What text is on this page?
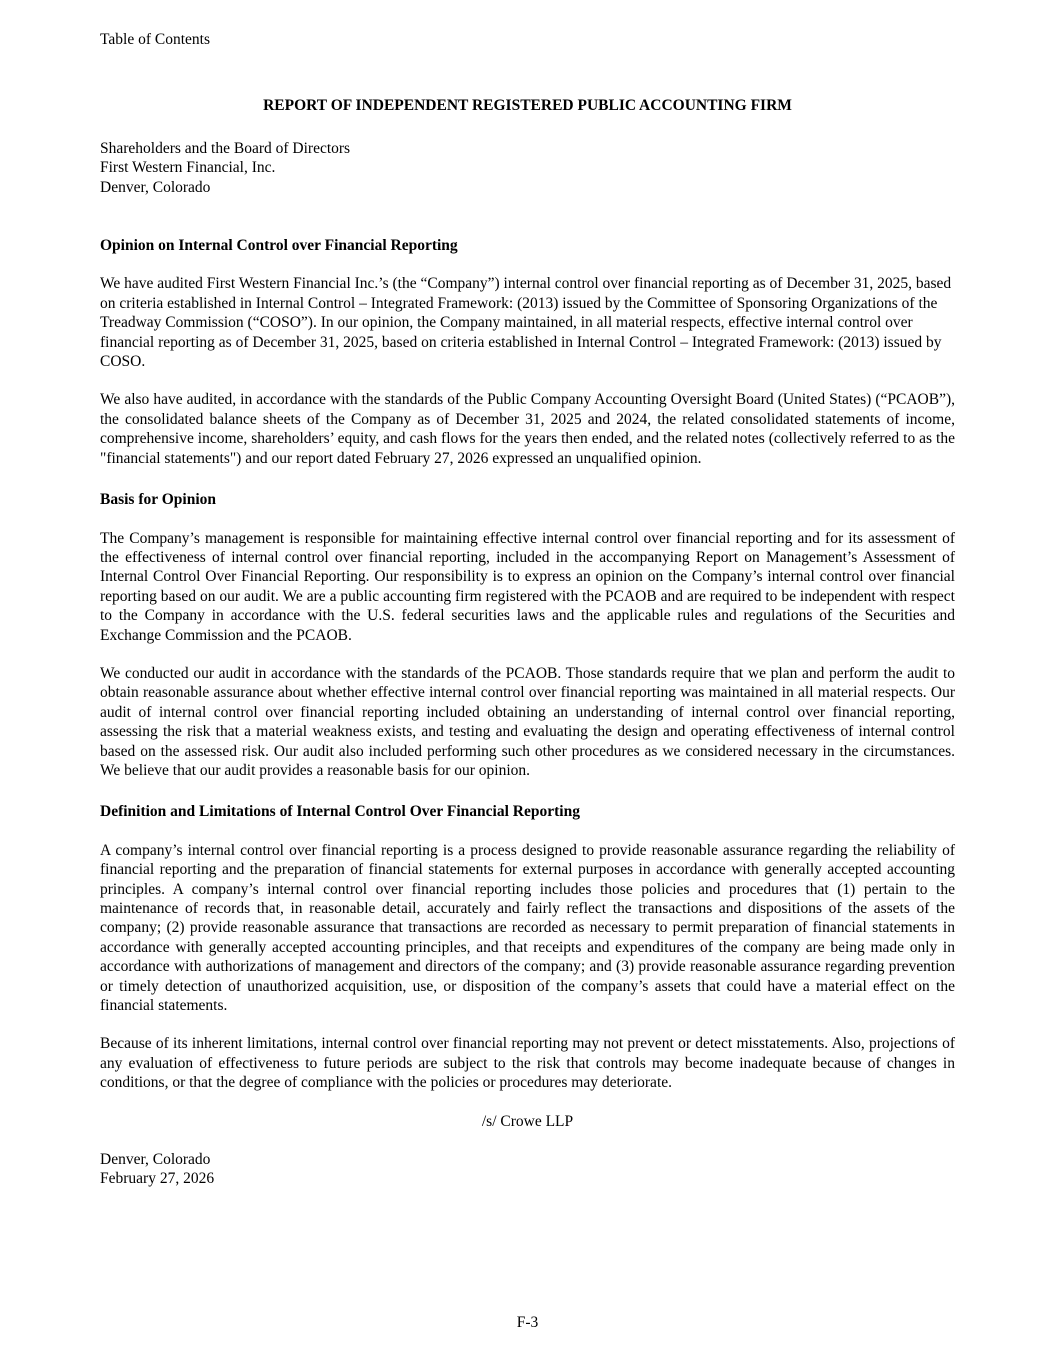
Table of Contents
REPORT OF INDEPENDENT REGISTERED PUBLIC ACCOUNTING FIRM
Shareholders and the Board of Directors
First Western Financial, Inc.
Denver, Colorado
Opinion on Internal Control over Financial Reporting

We have audited First Western Financial Inc.’s (the “Company”) internal control over financial reporting as of December 31, 2025, based on criteria established in Internal Control – Integrated Framework: (2013) issued by the Committee of Sponsoring Organizations of the Treadway Commission (“COSO”). In our opinion, the Company maintained, in all material respects, effective internal control over financial reporting as of December 31, 2025, based on criteria established in Internal Control – Integrated Framework: (2013) issued by COSO.

We also have audited, in accordance with the standards of the Public Company Accounting Oversight Board (United States) (“PCAOB”), the consolidated balance sheets of the Company as of December 31, 2025 and 2024, the related consolidated statements of income, comprehensive income, shareholders’ equity, and cash flows for the years then ended, and the related notes (collectively referred to as the "financial statements") and our report dated February 27, 2026 expressed an unqualified opinion.

Basis for Opinion

The Company’s management is responsible for maintaining effective internal control over financial reporting and for its assessment of the effectiveness of internal control over financial reporting, included in the accompanying Report on Management’s Assessment of Internal Control Over Financial Reporting. Our responsibility is to express an opinion on the Company’s internal control over financial reporting based on our audit. We are a public accounting firm registered with the PCAOB and are required to be independent with respect to the Company in accordance with the U.S. federal securities laws and the applicable rules and regulations of the Securities and Exchange Commission and the PCAOB.

We conducted our audit in accordance with the standards of the PCAOB. Those standards require that we plan and perform the audit to obtain reasonable assurance about whether effective internal control over financial reporting was maintained in all material respects. Our audit of internal control over financial reporting included obtaining an understanding of internal control over financial reporting, assessing the risk that a material weakness exists, and testing and evaluating the design and operating effectiveness of internal control based on the assessed risk. Our audit also included performing such other procedures as we considered necessary in the circumstances. We believe that our audit provides a reasonable basis for our opinion.

Definition and Limitations of Internal Control Over Financial Reporting

A company’s internal control over financial reporting is a process designed to provide reasonable assurance regarding the reliability of financial reporting and the preparation of financial statements for external purposes in accordance with generally accepted accounting principles. A company’s internal control over financial reporting includes those policies and procedures that (1) pertain to the maintenance of records that, in reasonable detail, accurately and fairly reflect the transactions and dispositions of the assets of the company; (2) provide reasonable assurance that transactions are recorded as necessary to permit preparation of financial statements in accordance with generally accepted accounting principles, and that receipts and expenditures of the company are being made only in accordance with authorizations of management and directors of the company; and (3) provide reasonable assurance regarding prevention or timely detection of unauthorized acquisition, use, or disposition of the company’s assets that could have a material effect on the financial statements.

Because of its inherent limitations, internal control over financial reporting may not prevent or detect misstatements. Also, projections of any evaluation of effectiveness to future periods are subject to the risk that controls may become inadequate because of changes in conditions, or that the degree of compliance with the policies or procedures may deteriorate.

/s/ Crowe LLP
Denver, Colorado
February 27, 2026
F-3
